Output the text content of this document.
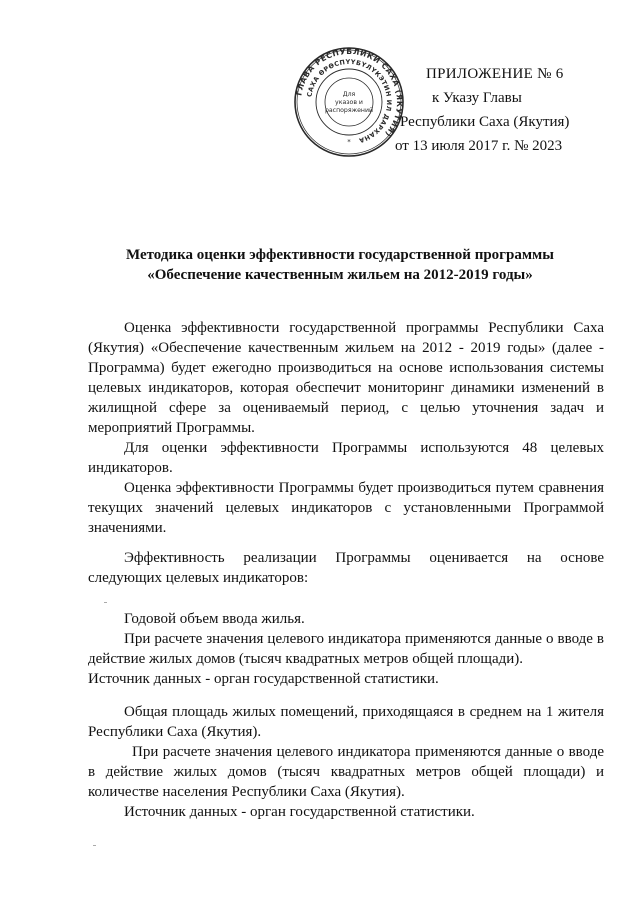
ГЛАВА РЕСПУБЛИКИ САХА (ЯКУТИЯ)
САХА ӨРӨСПҮҮБҮЛҮКЭТИН ИЛ ДАРХАНА
Для
указов и
распоряжений
*
ПРИЛОЖЕНИЕ № 6
к Указу Главы
Республики Саха (Якутия)
от 13 июля 2017 г. № 2023
Методика оценки эффективности государственной программы
«Обеспечение качественным жильем на 2012-2019 годы»

Оценка эффективности государственной программы Республики Саха (Якутия) «Обеспечение качественным жильем на 2012 - 2019 годы» (далее - Программа) будет ежегодно производиться на основе использования системы целевых индикаторов, которая обеспечит мониторинг динамики изменений в жилищной сфере за оцениваемый период, с целью уточнения задач и мероприятий Программы.

Для оценки эффективности Программы используются 48 целевых индикаторов.

Оценка эффективности Программы будет производиться путем сравнения текущих значений целевых индикаторов с установленными Программой значениями.

Эффективность реализации Программы оценивается на основе следующих целевых индикаторов:

Годовой объем ввода жилья.

При расчете значения целевого индикатора применяются данные о вводе в действие жилых домов (тысяч квадратных метров общей площади).

Источник данных - орган государственной статистики.

Общая площадь жилых помещений, приходящаяся в среднем на 1 жителя Республики Саха (Якутия).

При расчете значения целевого индикатора применяются данные о вводе в действие жилых домов (тысяч квадратных метров общей площади) и количестве населения Республики Саха (Якутия).

Источник данных - орган государственной статистики.
